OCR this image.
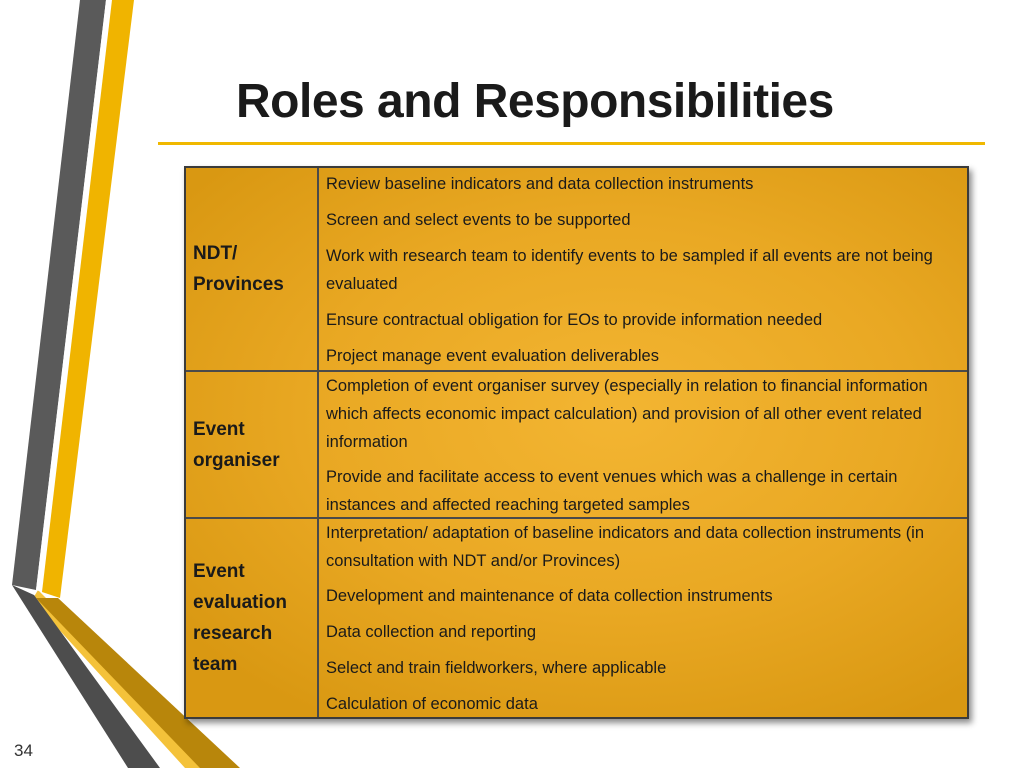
Roles and Responsibilities
NDT/
Provinces

Review baseline indicators and data collection instruments

Screen and select events to be supported

Work with research team to identify events to be sampled if all events are not being evaluated

Ensure contractual obligation for EOs to provide information needed

Project manage event evaluation deliverables

Event
organiser

Completion of event organiser survey (especially in relation to financial information which affects economic impact calculation) and provision of all other event related information

Provide and facilitate access to event venues which was a challenge in certain instances and affected reaching targeted samples

Event
evaluation
research
team

Interpretation/ adaptation of baseline indicators and data collection instruments (in consultation with NDT and/or Provinces)

Development and maintenance of data collection instruments

Data collection and reporting

Select and train fieldworkers, where applicable

Calculation of economic data

34
